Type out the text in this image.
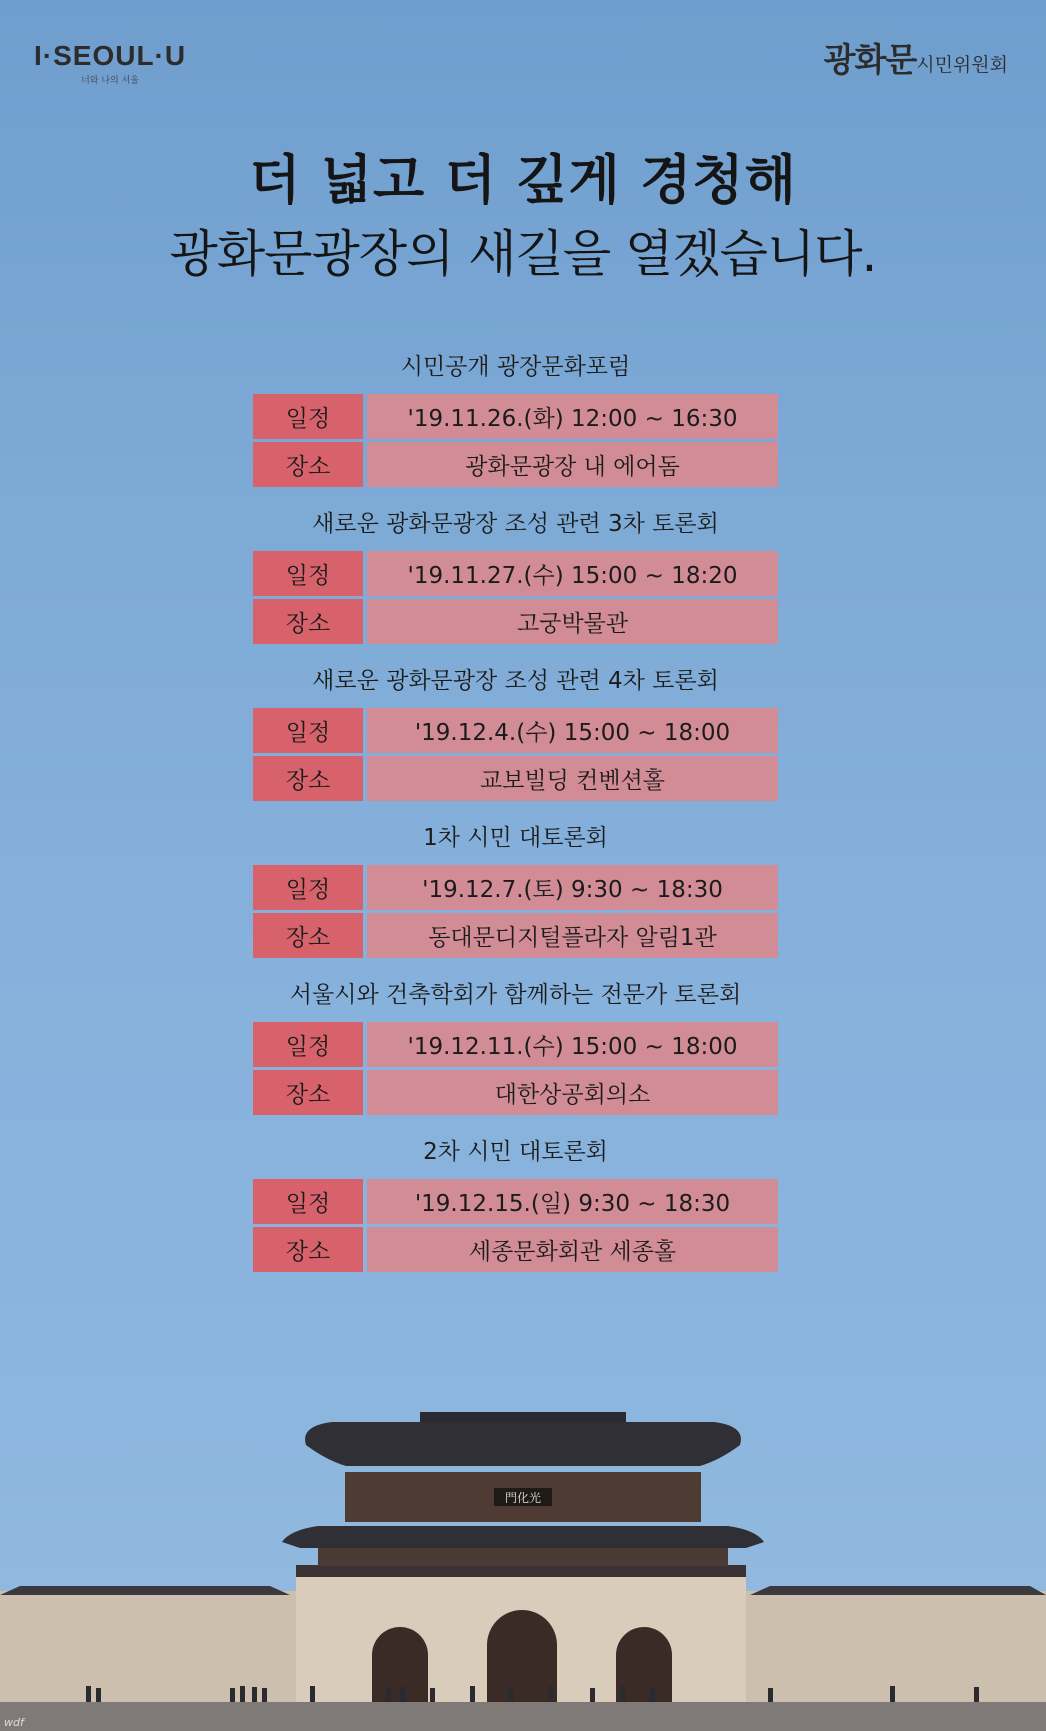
I·SEOUL·U
너와 나의 서울
광화문시민위원회
더 넓고 더 깊게 경청해
광화문광장의 새길을 열겠습니다.
시민공개 광장문화포럼
일정	'19.11.26.(화) 12:00 ~ 16:30
장소	광화문광장 내 에어돔
새로운 광화문광장 조성 관련 3차 토론회
일정	'19.11.27.(수) 15:00 ~ 18:20
장소	고궁박물관
새로운 광화문광장 조성 관련 4차 토론회
일정	'19.12.4.(수) 15:00 ~ 18:00
장소	교보빌딩 컨벤션홀
1차 시민 대토론회
일정	'19.12.7.(토) 9:30 ~ 18:30
장소	동대문디지털플라자 알림1관
서울시와 건축학회가 함께하는 전문가 토론회
일정	'19.12.11.(수) 15:00 ~ 18:00
장소	대한상공회의소
2차 시민 대토론회
일정	'19.12.15.(일) 9:30 ~ 18:30
장소	세종문화회관 세종홀
門化光
wdf
